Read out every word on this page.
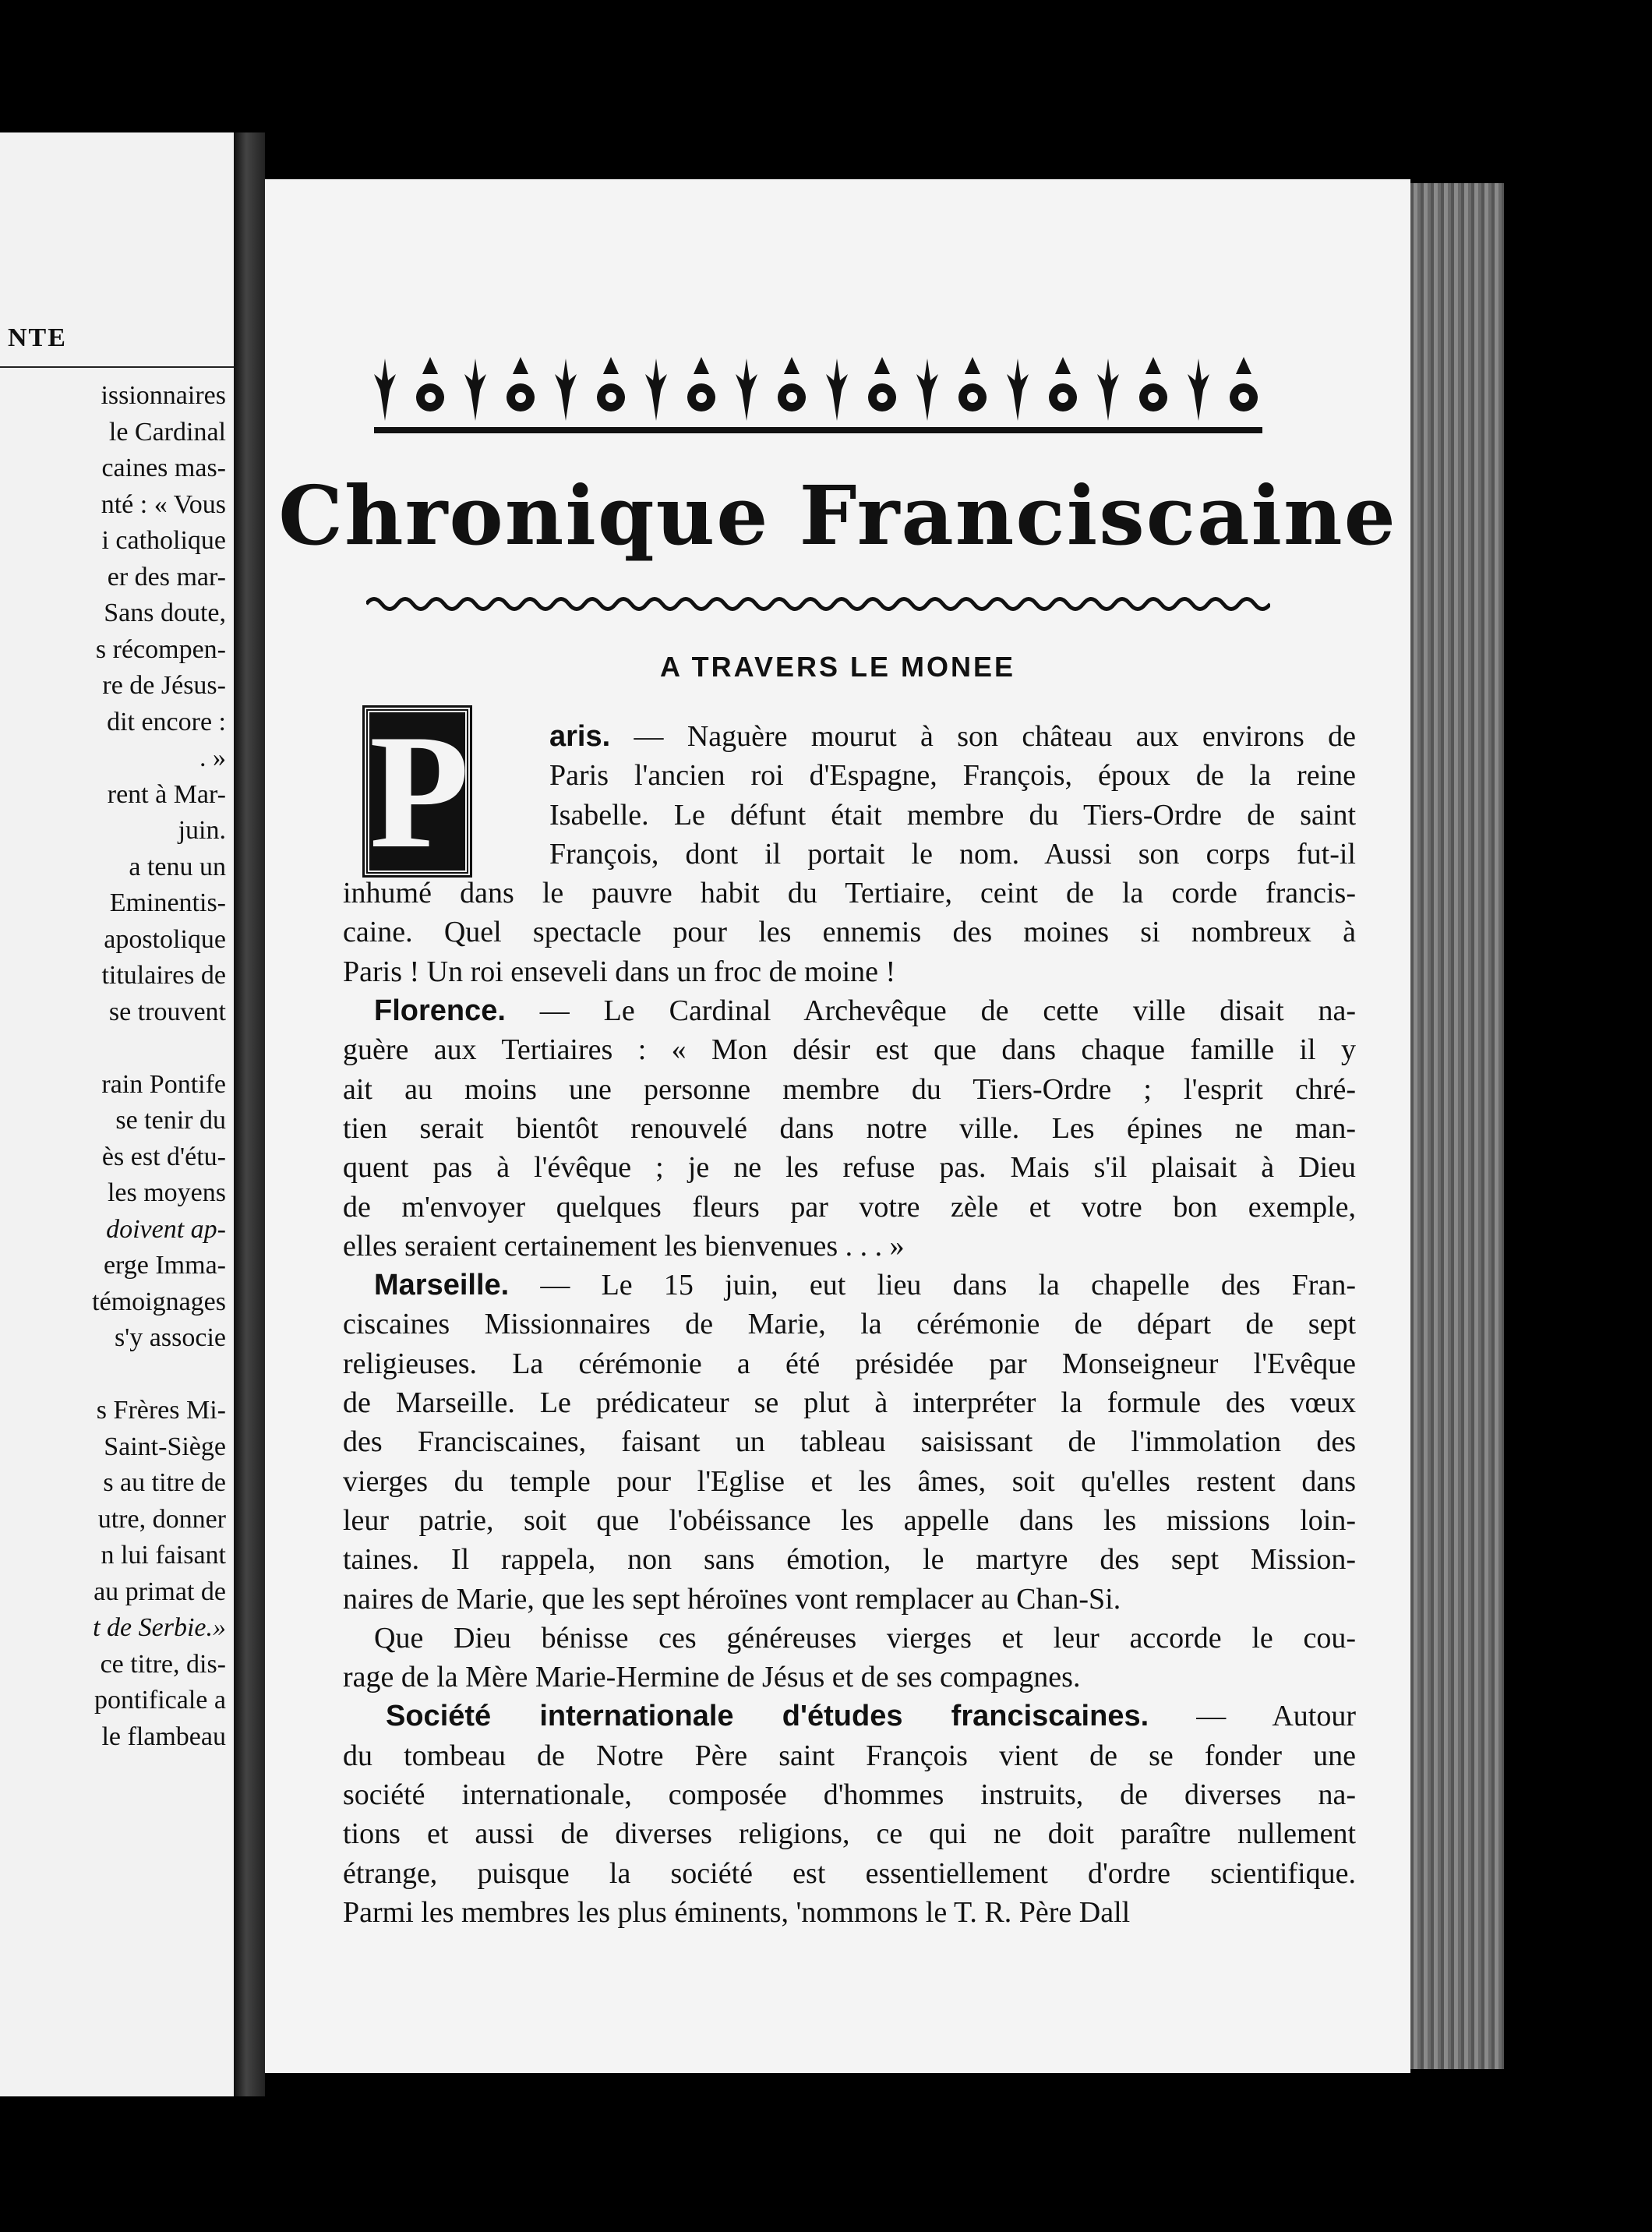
NTE
issionnaires
le Cardinal
caines mas-
nté : « Vous
i catholique
er des mar-
Sans doute,
s récompen-
re de Jésus-
dit encore :
. »
rent à Mar-
juin.
a tenu un
Eminentis-
apostolique
titulaires de
se trouvent
rain Pontife
se tenir du
ès est d'étu-
les moyens
doivent ap-
erge Imma-
témoignages
s'y associe
s Frères Mi-
Saint-Siège
s au titre de
utre, donner
n lui faisant
au primat de
t de Serbie.»
ce titre, dis-
pontificale a
le flambeau
Chronique Franciscaine
A TRAVERS LE MONEE
P	aris. — Naguère mourut à son château aux environs de
Paris l'ancien roi d'Espagne, François, époux de la reine
Isabelle. Le défunt était membre du Tiers-Ordre de saint
François, dont il portait le nom. Aussi son corps fut-il
inhumé dans le pauvre habit du Tertiaire, ceint de la corde francis-
caine. Quel spectacle pour les ennemis des moines si nombreux à
Paris ! Un roi enseveli dans un froc de moine !
Florence. — Le Cardinal Archevêque de cette ville disait na-
guère aux Tertiaires : « Mon désir est que dans chaque famille il y
ait au moins une personne membre du Tiers-Ordre ; l'esprit chré-
tien serait bientôt renouvelé dans notre ville. Les épines ne man-
quent pas à l'évêque ; je ne les refuse pas. Mais s'il plaisait à Dieu
de m'envoyer quelques fleurs par votre zèle et votre bon exemple,
elles seraient certainement les bienvenues . . . »
Marseille. — Le 15 juin, eut lieu dans la chapelle des Fran-
ciscaines Missionnaires de Marie, la cérémonie de départ de sept
religieuses. La cérémonie a été présidée par Monseigneur l'Evêque
de Marseille. Le prédicateur se plut à interpréter la formule des vœux
des Franciscaines, faisant un tableau saisissant de l'immolation des
vierges du temple pour l'Eglise et les âmes, soit qu'elles restent dans
leur patrie, soit que l'obéissance les appelle dans les missions loin-
taines. Il rappela, non sans émotion, le martyre des sept Mission-
naires de Marie, que les sept héroïnes vont remplacer au Chan-Si.
Que Dieu bénisse ces généreuses vierges et leur accorde le cou-
rage de la Mère Marie-Hermine de Jésus et de ses compagnes.
Société internationale d'études franciscaines. — Autour
du tombeau de Notre Père saint François vient de se fonder une
société internationale, composée d'hommes instruits, de diverses na-
tions et aussi de diverses religions, ce qui ne doit paraître nullement
étrange, puisque la société est essentiellement d'ordre scientifique.
Parmi les membres les plus éminents, 'nommons le T. R. Père Dall
